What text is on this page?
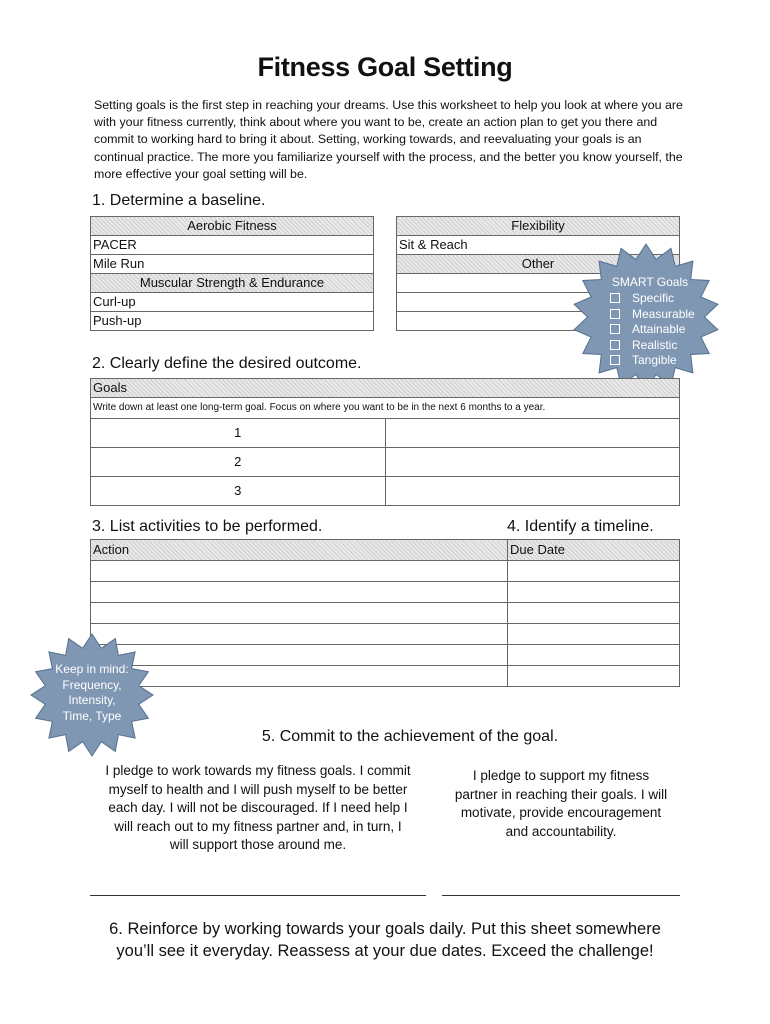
Fitness Goal Setting
Setting goals is the first step in reaching your dreams. Use this worksheet to help you look at where you are with your fitness currently, think about where you want to be, create an action plan to get you there and commit to working hard to bring it about. Setting, working towards, and reevaluating your goals is an continual practice. The more you familiarize yourself with the process, and the better you know yourself, the more effective your goal setting will be.
1. Determine a baseline.
Aerobic Fitness
PACER
Mile Run
Muscular Strength & Endurance
Curl-up
Push-up
Flexibility
Sit & Reach
Other

SMART Goals
Specific
Measurable
Attainable
Realistic
Tangible
2. Clearly define the desired outcome.
Goals	
Write down at least one long-term goal. Focus on where you want to be in the next 6 months to a year.	
1	
2	
3	
3. List activities to be performed.	4. Identify a timeline.
Action	Due Date

Keep in mind:
Frequency,
Intensity,
Time, Type
5. Commit to the achievement of the goal.
I pledge to work towards my fitness goals. I commit
myself to health and I will push myself to be better
each day. I will not be discouraged. If I need help I
will reach out to my fitness partner and, in turn, I
will support those around me.
I pledge to support my fitness
partner in reaching their goals. I will
motivate, provide encouragement
and accountability.
6. Reinforce by working towards your goals daily. Put this sheet somewhere
you’ll see it everyday. Reassess at your due dates. Exceed the challenge!
